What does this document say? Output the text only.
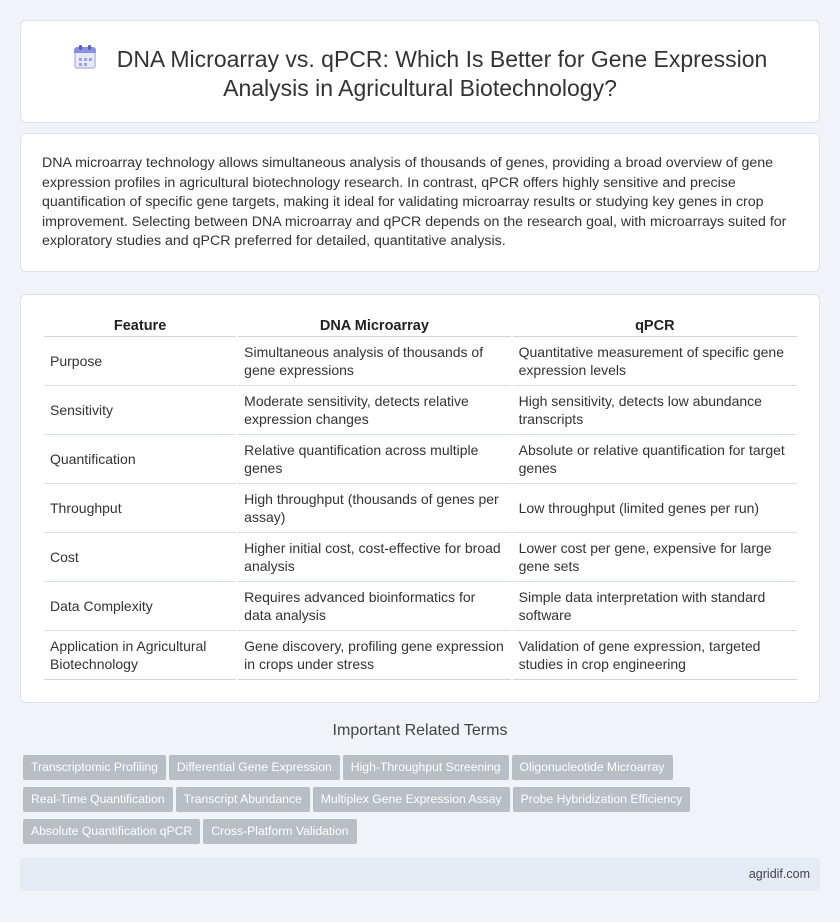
DNA Microarray vs. qPCR: Which Is Better for Gene Expression
Analysis in Agricultural Biotechnology?

DNA microarray technology allows simultaneous analysis of thousands of genes, providing a broad overview of gene expression profiles in agricultural biotechnology research. In contrast, qPCR offers highly sensitive and precise quantification of specific gene targets, making it ideal for validating microarray results or studying key genes in crop improvement. Selecting between DNA microarray and qPCR depends on the research goal, with microarrays suited for exploratory studies and qPCR preferred for detailed, quantitative analysis.

Feature	DNA Microarray	qPCR
Purpose	Simultaneous analysis of thousands of gene expressions	Quantitative measurement of specific gene expression levels
Sensitivity	Moderate sensitivity, detects relative expression changes	High sensitivity, detects low abundance transcripts
Quantification	Relative quantification across multiple genes	Absolute or relative quantification for target genes
Throughput	High throughput (thousands of genes per assay)	Low throughput (limited genes per run)
Cost	Higher initial cost, cost-effective for broad analysis	Lower cost per gene, expensive for large gene sets
Data Complexity	Requires advanced bioinformatics for data analysis	Simple data interpretation with standard software
Application in Agricultural Biotechnology	Gene discovery, profiling gene expression in crops under stress	Validation of gene expression, targeted studies in crop engineering
Important Related Terms
Transcriptomic Profiling Differential Gene Expression High-Throughput Screening Oligonucleotide Microarray
Real-Time Quantification Transcript Abundance Multiplex Gene Expression Assay Probe Hybridization Efficiency
Absolute Quantification qPCR Cross-Platform Validation
agridif.com
